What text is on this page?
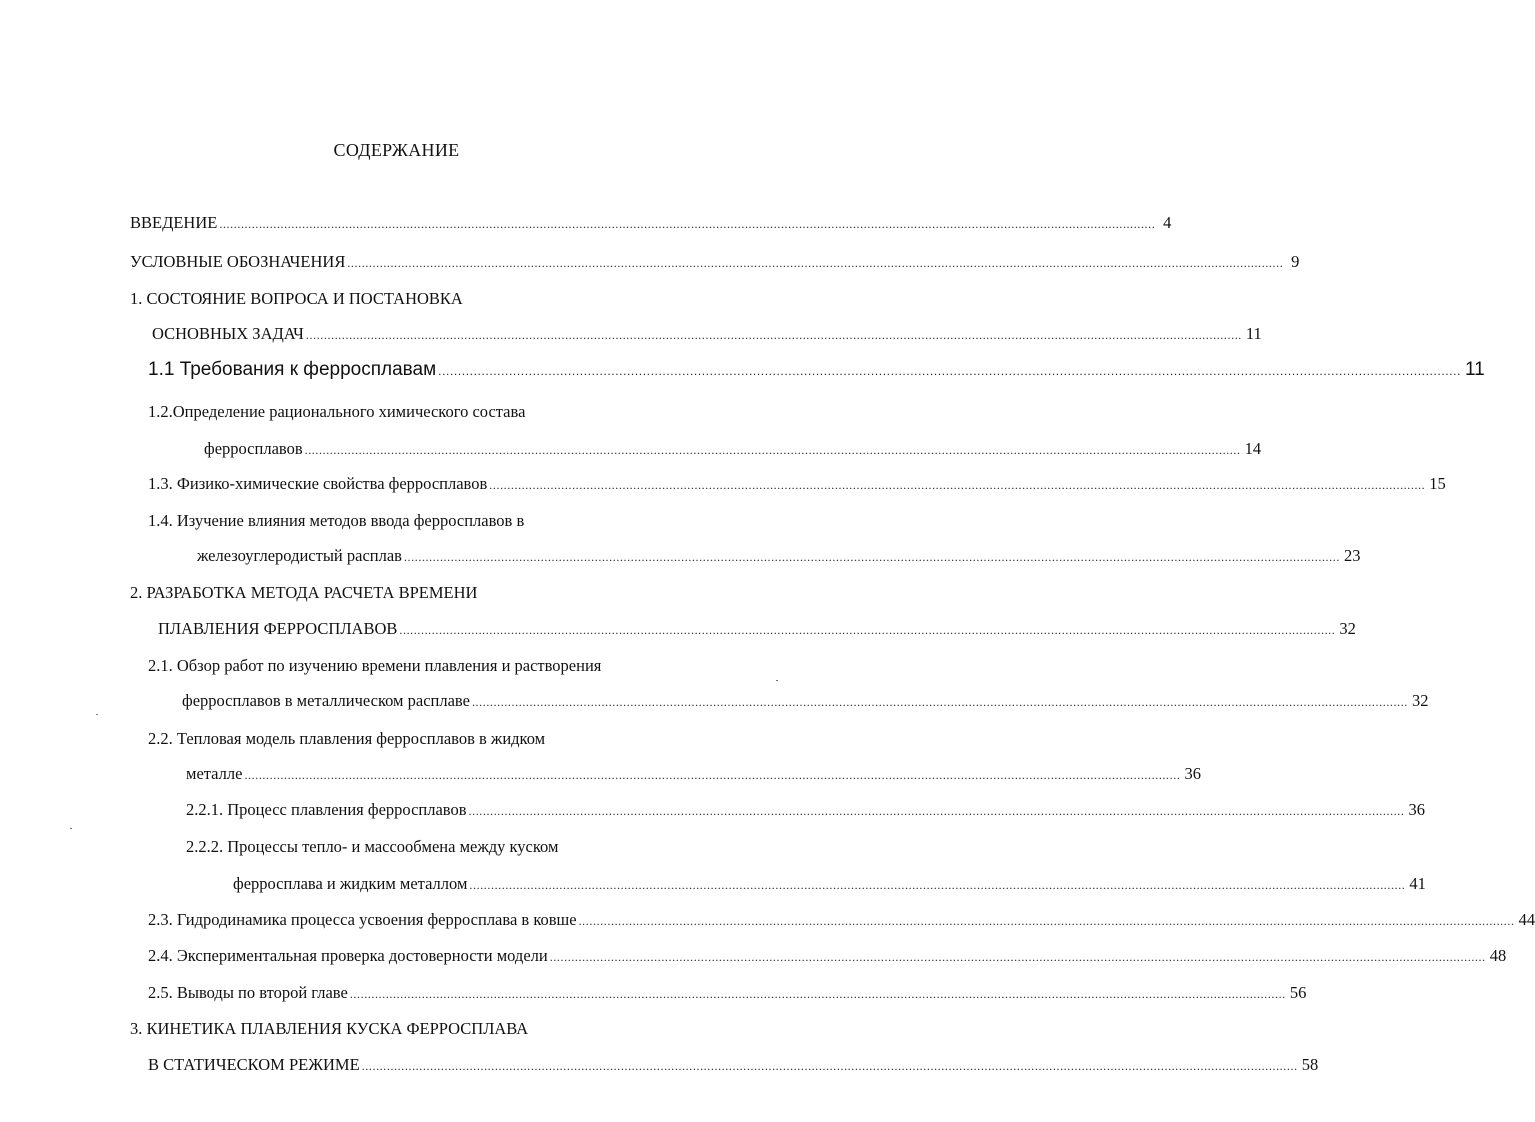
СОДЕРЖАНИЕ
ВВЕДЕНИЕ .................................................................................................................................................................................................................................................................... 4
УСЛОВНЫЕ ОБОЗНАЧЕНИЯ .................................................................................................................................................................................................................................................................... 9
1. СОСТОЯНИЕ ВОПРОСА И ПОСТАНОВКА
ОСНОВНЫХ ЗАДАЧ .................................................................................................................................................................................................................................................................... 11
1.1 Требования к ферросплавам .................................................................................................................................................................................................................................................................... 11
1.2.Определение рационального химического состава
ферросплавов .................................................................................................................................................................................................................................................................... 14
1.3. Физико-химические свойства ферросплавов .................................................................................................................................................................................................................................................................... 15
1.4. Изучение влияния методов ввода ферросплавов в
железоуглеродистый расплав .................................................................................................................................................................................................................................................................... 23
2. РАЗРАБОТКА МЕТОДА РАСЧЕТА ВРЕМЕНИ
ПЛАВЛЕНИЯ ФЕРРОСПЛАВОВ .................................................................................................................................................................................................................................................................... 32
2.1. Обзор работ по изучению времени плавления и растворения
ферросплавов в металлическом расплаве .................................................................................................................................................................................................................................................................... 32
2.2. Тепловая модель плавления ферросплавов в жидком
металле .................................................................................................................................................................................................................................................................... 36
2.2.1. Процесс плавления ферросплавов .................................................................................................................................................................................................................................................................... 36
2.2.2. Процессы тепло- и массообмена между куском
ферросплава и жидким металлом .................................................................................................................................................................................................................................................................... 41
2.3. Гидродинамика процесса усвоения ферросплава в ковше .................................................................................................................................................................................................................................................................... 44
2.4. Экспериментальная проверка достоверности модели .................................................................................................................................................................................................................................................................... 48
2.5. Выводы по второй главе .................................................................................................................................................................................................................................................................... 56
3. КИНЕТИКА ПЛАВЛЕНИЯ КУСКА ФЕРРОСПЛАВА
В СТАТИЧЕСКОМ РЕЖИМЕ .................................................................................................................................................................................................................................................................... 58
